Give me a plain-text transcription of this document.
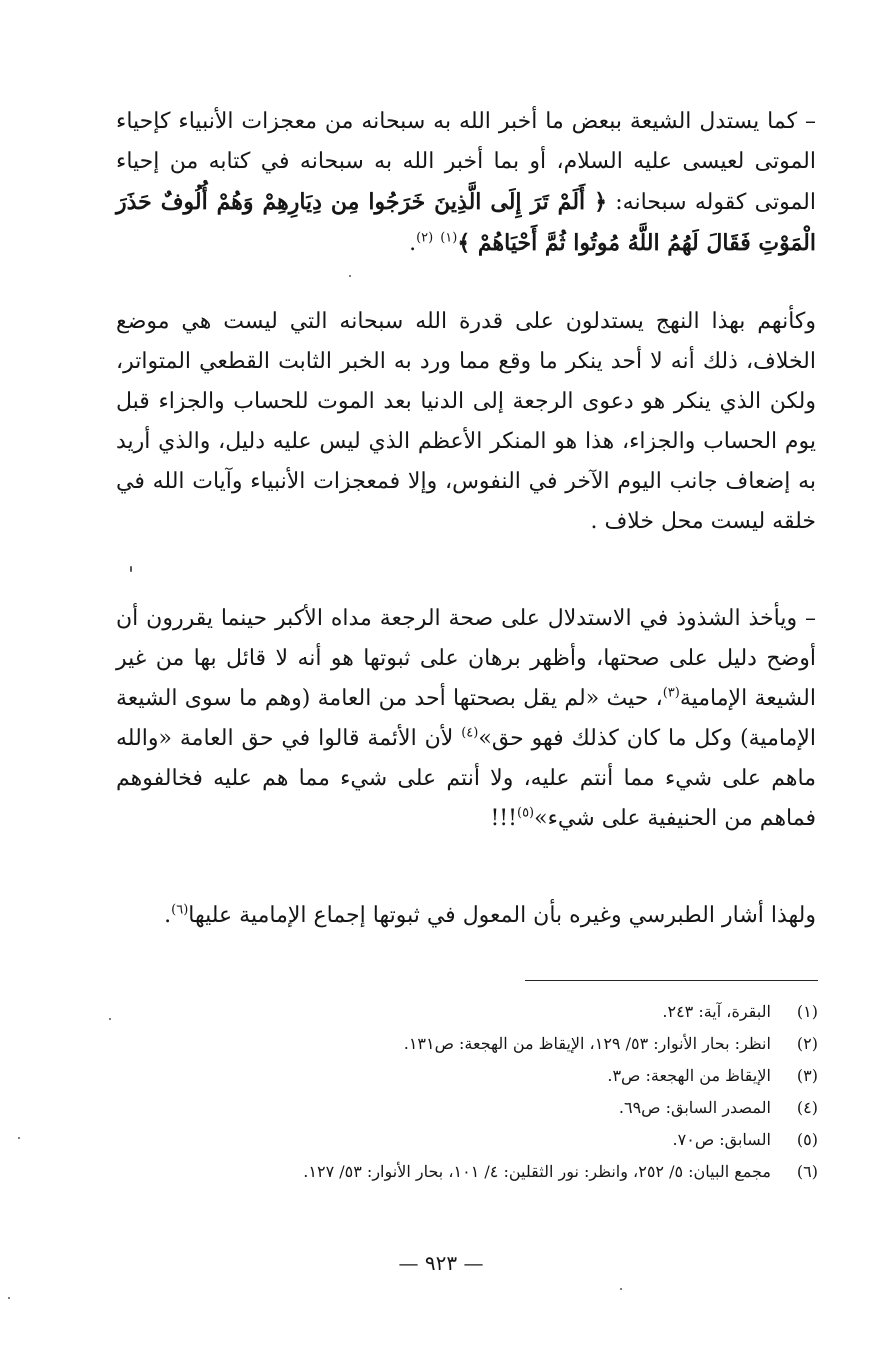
– كما يستدل الشيعة ببعض ما أخبر الله به سبحانه من معجزات الأنبياء كإحياء الموتى لعيسى عليه السلام، أو بما أخبر الله به سبحانه في كتابه من إحياء الموتى كقوله سبحانه: ﴿ أَلَمْ تَرَ إِلَى الَّذِينَ خَرَجُوا مِن دِيَارِهِمْ وَهُمْ أُلُوفٌ حَذَرَ الْمَوْتِ فَقَالَ لَهُمُ اللَّهُ مُوتُوا ثُمَّ أَحْيَاهُمْ ﴾$^{(١)}$ $^{(٢)}$.
وكأنهم بهذا النهج يستدلون على قدرة الله سبحانه التي ليست هي موضع الخلاف، ذلك أنه لا أحد ينكر ما وقع مما ورد به الخبر الثابت القطعي المتواتر، ولكن الذي ينكر هو دعوى الرجعة إلى الدنيا بعد الموت للحساب والجزاء قبل يوم الحساب والجزاء، هذا هو المنكر الأعظم الذي ليس عليه دليل، والذي أريد به إضعاف جانب اليوم الآخر في النفوس، وإلا فمعجزات الأنبياء وآيات الله في خلقه ليست محل خلاف .
– ويأخذ الشذوذ في الاستدلال على صحة الرجعة مداه الأكبر حينما يقررون أن أوضح دليل على صحتها، وأظهر برهان على ثبوتها هو أنه لا قائل بها من غير الشيعة الإمامية$^{(٣)}$، حيث «لم يقل بصحتها أحد من العامة (وهم ما سوى الشيعة الإمامية) وكل ما كان كذلك فهو حق»$^{(٤)}$ لأن الأئمة قالوا في حق العامة «والله ماهم على شيء مما أنتم عليه، ولا أنتم على شيء مما هم عليه فخالفوهم فماهم من الحنيفية على شيء»$^{(٥)}$!!!
ولهذا أشار الطبرسي وغيره بأن المعول في ثبوتها إجماع الإمامية عليها$^{(٦)}$.
(١) البقرة، آية: ٢٤٣.
(٢) انظر: بحار الأنوار: ٥٣/ ١٢٩، الإيقاظ من الهجعة: ص١٣١.
(٣) الإيقاظ من الهجعة: ص٣.
(٤) المصدر السابق: ص٦٩.
(٥) السابق: ص٧٠.
(٦) مجمع البيان: ٥/ ٢٥٢، وانظر: نور الثقلين: ٤/ ١٠١، بحار الأنوار: ٥٣/ ١٢٧.
— ٩٢٣ —
